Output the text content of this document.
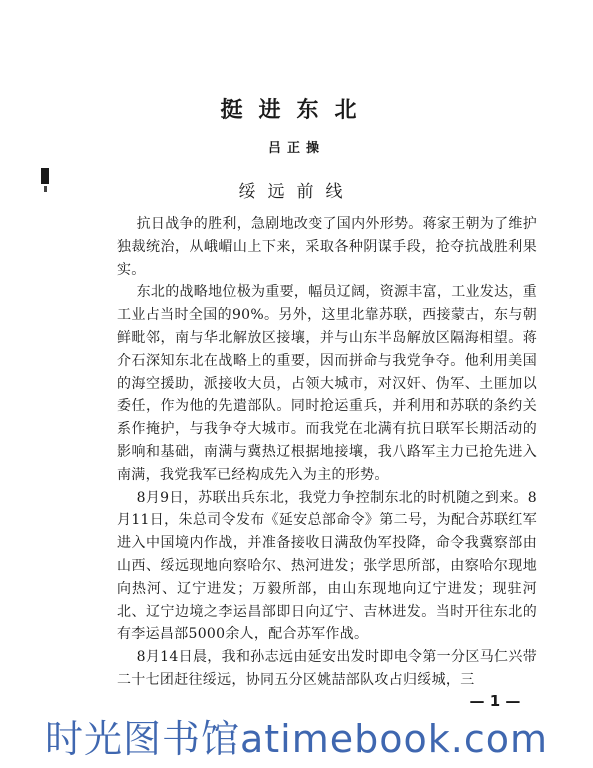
挺进东北
吕正操
绥远前线

抗日战争的胜利，急剧地改变了国内外形势。蒋家王朝为了维护独裁统治，从峨嵋山上下来，采取各种阴谋手段，抢夺抗战胜利果实。

东北的战略地位极为重要，幅员辽阔，资源丰富，工业发达，重工业占当时全国的90%。另外，这里北靠苏联，西接蒙古，东与朝鲜毗邻，南与华北解放区接壤，并与山东半岛解放区隔海相望。蒋介石深知东北在战略上的重要，因而拼命与我党争夺。他利用美国的海空援助，派接收大员，占领大城市，对汉奸、伪军、土匪加以委任，作为他的先遣部队。同时抢运重兵，并利用和苏联的条约关系作掩护，与我争夺大城市。而我党在北满有抗日联军长期活动的影响和基础，南满与冀热辽根据地接壤，我八路军主力已抢先进入南满，我党我军已经构成先入为主的形势。

8月9日，苏联出兵东北，我党力争控制东北的时机随之到来。8月11日，朱总司令发布《延安总部命令》第二号，为配合苏联红军进入中国境内作战，并准备接收日满敌伪军投降，命令我冀察部由山西、绥远现地向察哈尔、热河进发；张学思所部，由察哈尔现地向热河、辽宁进发；万毅所部，由山东现地向辽宁进发；现驻河北、辽宁边境之李运昌部即日向辽宁、吉林进发。当时开往东北的有李运昌部5000余人，配合苏军作战。

8月14日晨，我和孙志远由延安出发时即电令第一分区马仁兴带二十七团赶往绥远，协同五分区姚喆部队攻占归绥城，三

— 1 —
时光图书馆atimebook.com
